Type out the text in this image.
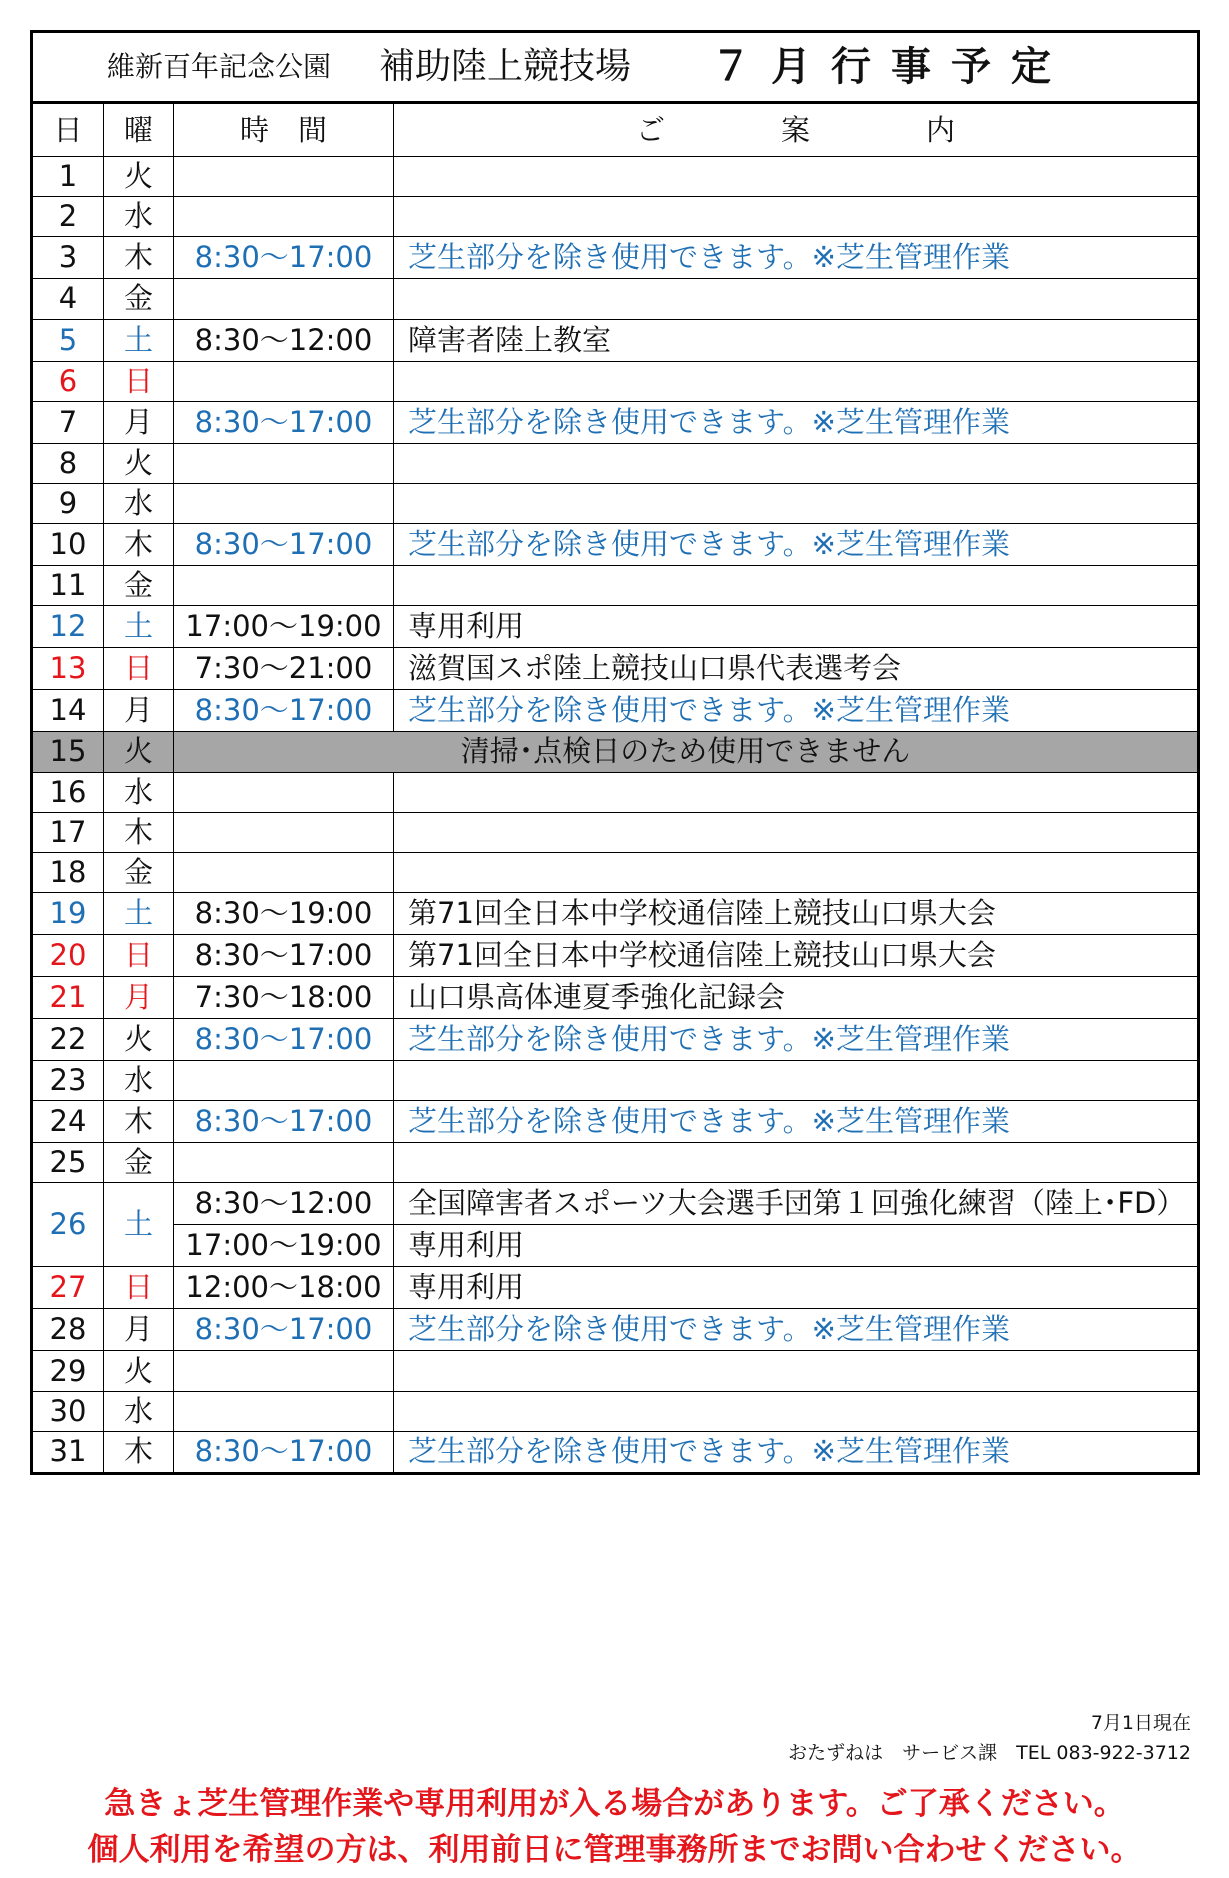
維新百年記念公園 補助陸上競技場 ７月行事予定			

日	曜	時　間	ご　　　　案　　　　内
1	火		
2	水		
3	木	8:30～17:00	芝生部分を除き使用できます。※芝生管理作業
4	金		
5	土	8:30～12:00	障害者陸上教室
6	日		
7	月	8:30～17:00	芝生部分を除き使用できます。※芝生管理作業
8	火		
9	水		
10	木	8:30～17:00	芝生部分を除き使用できます。※芝生管理作業
11	金		
12	土	17:00～19:00	専用利用
13	日	7:30～21:00	滋賀国スポ陸上競技山口県代表選考会
14	月	8:30～17:00	芝生部分を除き使用できます。※芝生管理作業
15	火	清掃･点検日のため使用できません	
16	水		
17	木		
18	金		
19	土	8:30～19:00	第71回全日本中学校通信陸上競技山口県大会
20	日	8:30～17:00	第71回全日本中学校通信陸上競技山口県大会
21	月	7:30～18:00	山口県高体連夏季強化記録会
22	火	8:30～17:00	芝生部分を除き使用できます。※芝生管理作業
23	水		
24	木	8:30～17:00	芝生部分を除き使用できます。※芝生管理作業
25	金		
26	土	8:30～12:00	全国障害者スポーツ大会選手団第１回強化練習（陸上･FD）
		17:00～19:00	専用利用
27	日	12:00～18:00	専用利用
28	月	8:30～17:00	芝生部分を除き使用できます。※芝生管理作業
29	火		
30	水		
31	木	8:30～17:00	芝生部分を除き使用できます。※芝生管理作業
7月1日現在
おたずねは　サービス課　TEL 083-922-3712
急きょ芝生管理作業や専用利用が入る場合があります。ご了承ください。
個人利用を希望の方は、利用前日に管理事務所までお問い合わせください。
